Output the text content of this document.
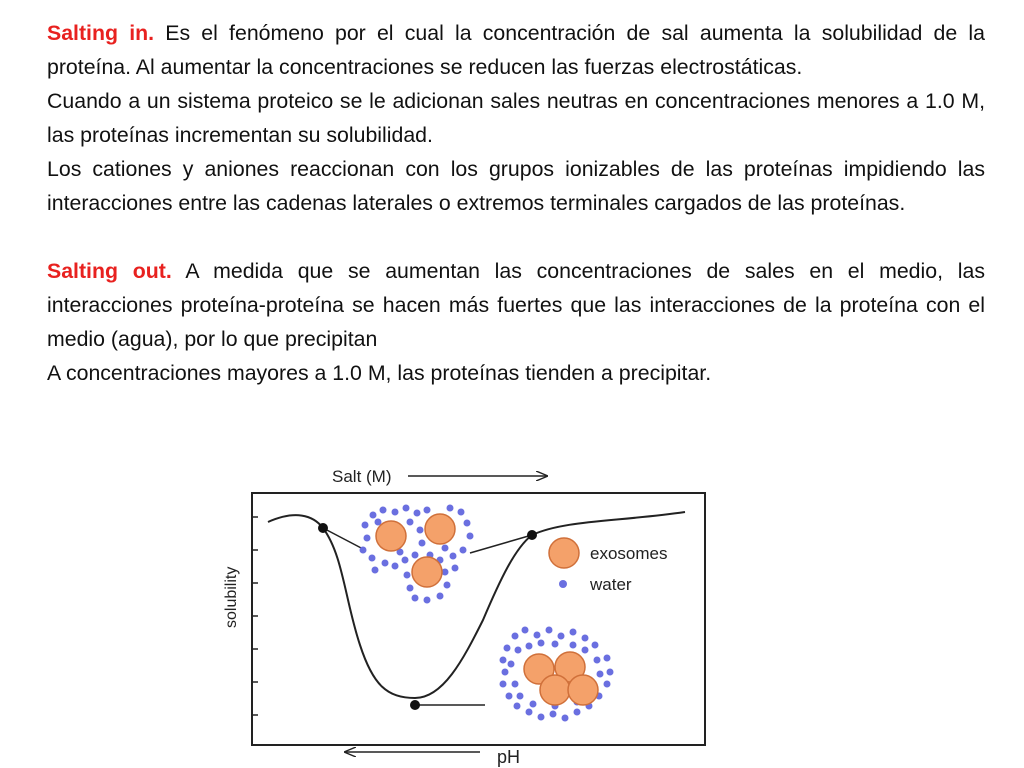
Salting in. Es el fenómeno por el cual la concentración de sal aumenta la solubilidad de la proteína. Al aumentar la concentraciones se reducen las fuerzas electrostáticas.

Cuando a un sistema proteico se le adicionan sales neutras en concentraciones menores a 1.0 M, las proteínas incrementan su solubilidad.

Los cationes y aniones reaccionan con los grupos ionizables de las proteínas impidiendo las interacciones entre las cadenas laterales o extremos terminales cargados de las proteínas.

Salting out. A medida que se aumentan las concentraciones de sales en el medio, las interacciones proteína-proteína se hacen más fuertes que las interacciones de la proteína con el medio (agua), por lo que precipitan

A concentraciones mayores a 1.0 M, las proteínas tienden a precipitar.

Salt (M)
solubility
exosomes
water
pH
